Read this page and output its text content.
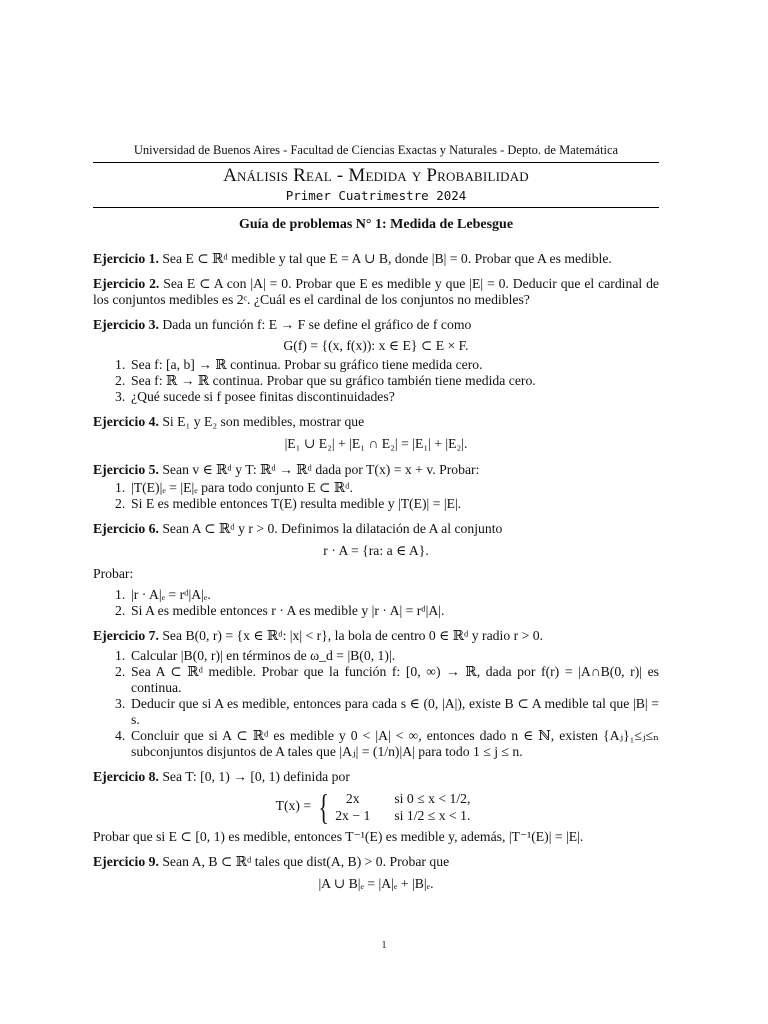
Universidad de Buenos Aires - Facultad de Ciencias Exactas y Naturales - Depto. de Matemática

Análisis Real - Medida y Probabilidad

Primer Cuatrimestre 2024

Guía de problemas N° 1: Medida de Lebesgue

Ejercicio 1. Sea E ⊂ ℝᵈ medible y tal que E = A ∪ B, donde |B| = 0. Probar que A es medible.

Ejercicio 2. Sea E ⊂ A con |A| = 0. Probar que E es medible y que |E| = 0. Deducir que el cardinal de los conjuntos medibles es 2ᶜ. ¿Cuál es el cardinal de los conjuntos no medibles?

Ejercicio 3. Dada un función f: E → F se define el gráfico de f como

G(f) = {(x, f(x)): x ∈ E} ⊂ E × F.

1. Sea f: [a, b] → ℝ continua. Probar su gráfico tiene medida cero.
2. Sea f: ℝ → ℝ continua. Probar que su gráfico también tiene medida cero.
3. ¿Qué sucede si f posee finitas discontinuidades?

Ejercicio 4. Si E₁ y E₂ son medibles, mostrar que

|E₁ ∪ E₂| + |E₁ ∩ E₂| = |E₁| + |E₂|.

Ejercicio 5. Sean v ∈ ℝᵈ y T: ℝᵈ → ℝᵈ dada por T(x) = x + v. Probar:

1. |T(E)|ₑ = |E|ₑ para todo conjunto E ⊂ ℝᵈ.
2. Si E es medible entonces T(E) resulta medible y |T(E)| = |E|.

Ejercicio 6. Sean A ⊂ ℝᵈ y r > 0. Definimos la dilatación de A al conjunto

r · A = {ra: a ∈ A}.

Probar:

1. |r · A|ₑ = rᵈ|A|ₑ.
2. Si A es medible entonces r · A es medible y |r · A| = rᵈ|A|.

Ejercicio 7. Sea B(0, r) = {x ∈ ℝᵈ: |x| < r}, la bola de centro 0 ∈ ℝᵈ y radio r > 0.

1. Calcular |B(0, r)| en términos de ω_d = |B(0, 1)|.
2. Sea A ⊂ ℝᵈ medible. Probar que la función f: [0, ∞) → ℝ, dada por f(r) = |A∩B(0, r)| es continua.
3. Deducir que si A es medible, entonces para cada s ∈ (0, |A|), existe B ⊂ A medible tal que |B| = s.
4. Concluir que si A ⊂ ℝᵈ es medible y 0 < |A| < ∞, entonces dado n ∈ ℕ, existen {Aⱼ}₁≤ⱼ≤ₙ subconjuntos disjuntos de A tales que |Aⱼ| = (1/n)|A| para todo 1 ≤ j ≤ n.

Ejercicio 8. Sea T: [0, 1) → [0, 1) definida por

T(x) = { 2x	si 0 ≤ x < 1/2,
2x − 1	si 1/2 ≤ x < 1.

Probar que si E ⊂ [0, 1) es medible, entonces T⁻¹(E) es medible y, además, |T⁻¹(E)| = |E|.

Ejercicio 9. Sean A, B ⊂ ℝᵈ tales que dist(A, B) > 0. Probar que

|A ∪ B|ₑ = |A|ₑ + |B|ₑ.

1
